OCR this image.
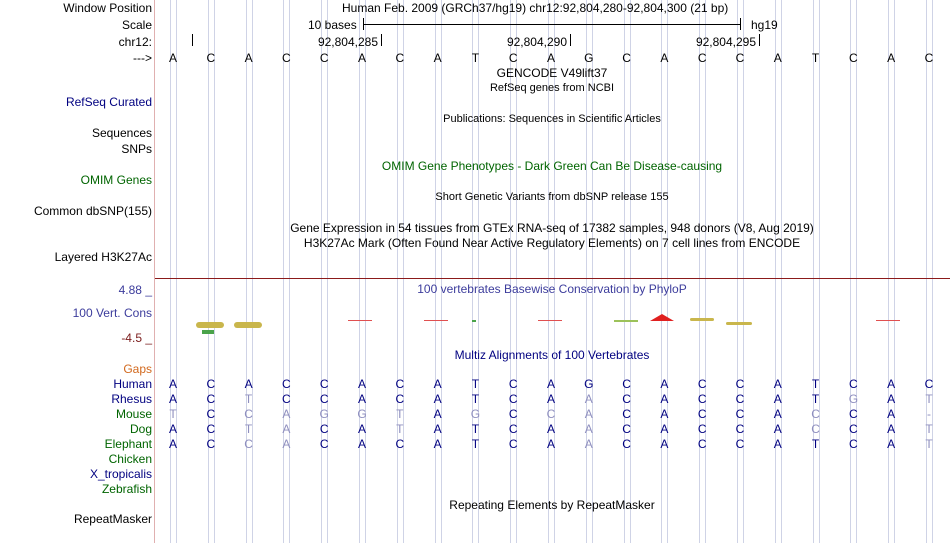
Window Position	Human Feb. 2009 (GRCh37/hg19) chr12:92,804,280-92,804,300 (21 bp)
Scale	10 bases	hg19
chr12:	92,804,285	92,804,290	92,804,295
---> A C A C C A C A	T C A G C A C C A	T C A C
GENCODE V49lift37
RefSeq genes from NCBI
RefSeq Curated
Publications: Sequences in Scientific Articles
Sequences
SNPs
OMIM Gene Phenotypes - Dark Green Can Be Disease-causing
OMIM Genes
Short Genetic Variants from dbSNP release 155
Common dbSNP(155)
Gene Expression in 54 tissues from GTEx RNA-seq of 17382 samples, 948 donors (V8, Aug 2019)
H3K27Ac Mark (Often Found Near Active Regulatory Elements) on 7 cell lines from ENCODE
Layered H3K27Ac
4.88 _	100 vertebrates Basewise Conservation by PhyloP
100 Vert. Cons
-4.5 _
Multiz Alignments of 100 Vertebrates
Gaps
Human A C A C C A C A	T C A G C A C C A	T C A C
Rhesus A C T C C A C A	T C A A C A C C A	T G A	T
Mouse T C C A G G T	A G C C A C A C C A C C A	-
Dog A C T	A C A	T	A	T C A A C A C C A C C A	T
Elephant A C C A C A C A	T C A A C A C C A	T C A	T
Chicken
X_tropicalis
Zebrafish
Repeating Elements by RepeatMasker
RepeatMasker
